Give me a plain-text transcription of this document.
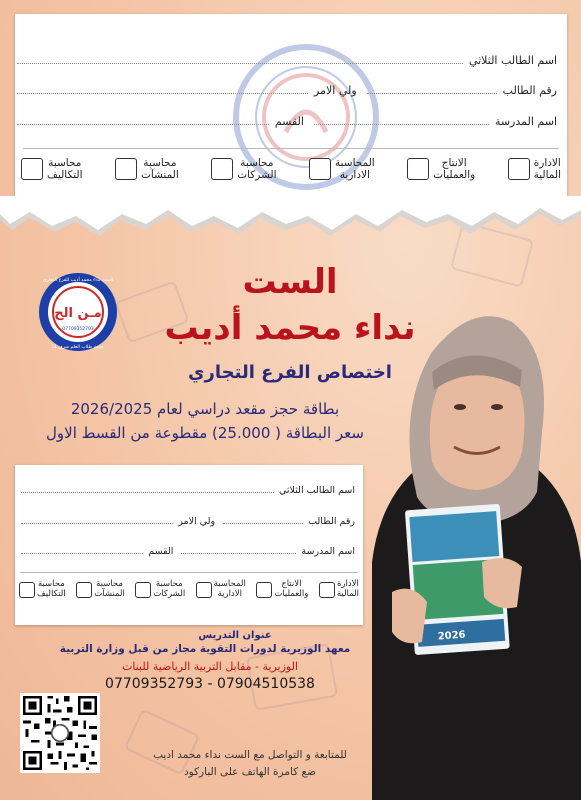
اسم الطالب الثلاثي
رقم الطالب
ولي الامر
اسم المدرسة
القسم
الادارة
المالية
الانتاج
والعمليات
المحاسبة
الادارية
محاسبة
الشركات
محاسبة
المنشآت
محاسبة
التكاليف
مـن الح
07709352793
الست نداء محمد أديب للفرع التجاري
خدمة طلاب العلم شرف لنا
الست
نداء محمد أديب
اختصاص الفرع التجاري
بطاقة حجز مقعد دراسي لعام 2026/2025
سعر البطاقة ( 25.000) مقطوعة من القسط الاول
اسم الطالب الثلاثي
رقم الطالب
ولي الامر
اسم المدرسة
القسم
الادارة
المالية
الانتاج
والعمليات
المحاسبة
الادارية
محاسبة
الشركات
محاسبة
المنشآت
محاسبة
التكاليف
عنوان التدريس
معهد الوزيرية لدورات التقوية مجاز من قبل وزارة التربية
الوزيرية - مقابل التربية الرياضية للبنات
07709352793 - 07904510538
للمتابعة و التواصل مع الست نداء محمد اديب
ضع كامرة الهاتف على الباركود
2026
